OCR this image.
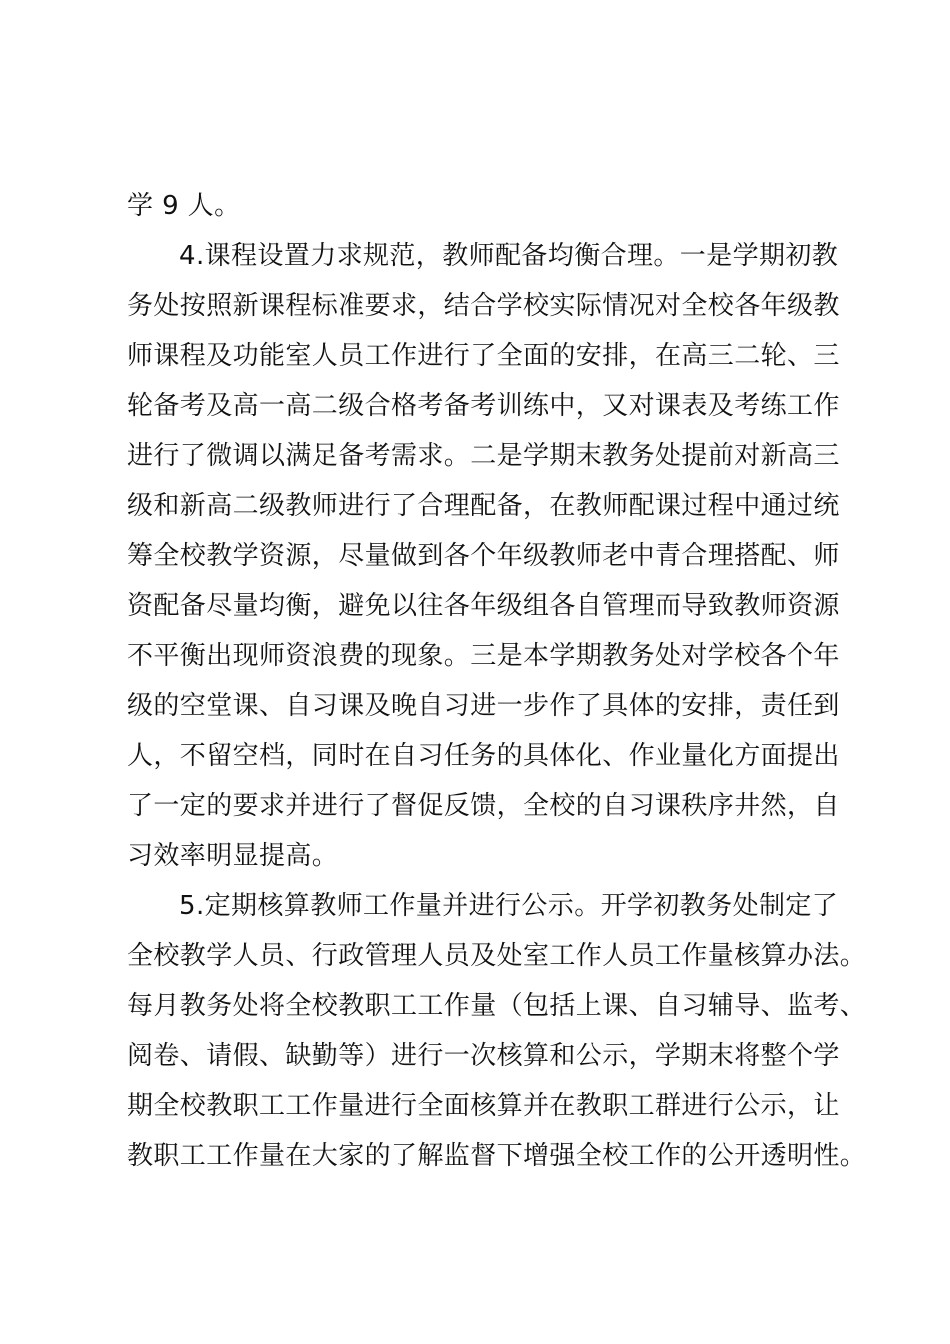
学 9 人。
4.课程设置力求规范，教师配备均衡合理。一是学期初教
务处按照新课程标准要求，结合学校实际情况对全校各年级教
师课程及功能室人员工作进行了全面的安排，在高三二轮、三
轮备考及高一高二级合格考备考训练中，又对课表及考练工作
进行了微调以满足备考需求。二是学期末教务处提前对新高三
级和新高二级教师进行了合理配备，在教师配课过程中通过统
筹全校教学资源，尽量做到各个年级教师老中青合理搭配、师
资配备尽量均衡，避免以往各年级组各自管理而导致教师资源
不平衡出现师资浪费的现象。三是本学期教务处对学校各个年
级的空堂课、自习课及晚自习进一步作了具体的安排，责任到
人，不留空档，同时在自习任务的具体化、作业量化方面提出
了一定的要求并进行了督促反馈，全校的自习课秩序井然，自
习效率明显提高。
5.定期核算教师工作量并进行公示。开学初教务处制定了
全校教学人员、行政管理人员及处室工作人员工作量核算办法。
每月教务处将全校教职工工作量（包括上课、自习辅导、监考、
阅卷、请假、缺勤等）进行一次核算和公示，学期末将整个学
期全校教职工工作量进行全面核算并在教职工群进行公示，让
教职工工作量在大家的了解监督下增强全校工作的公开透明性。
